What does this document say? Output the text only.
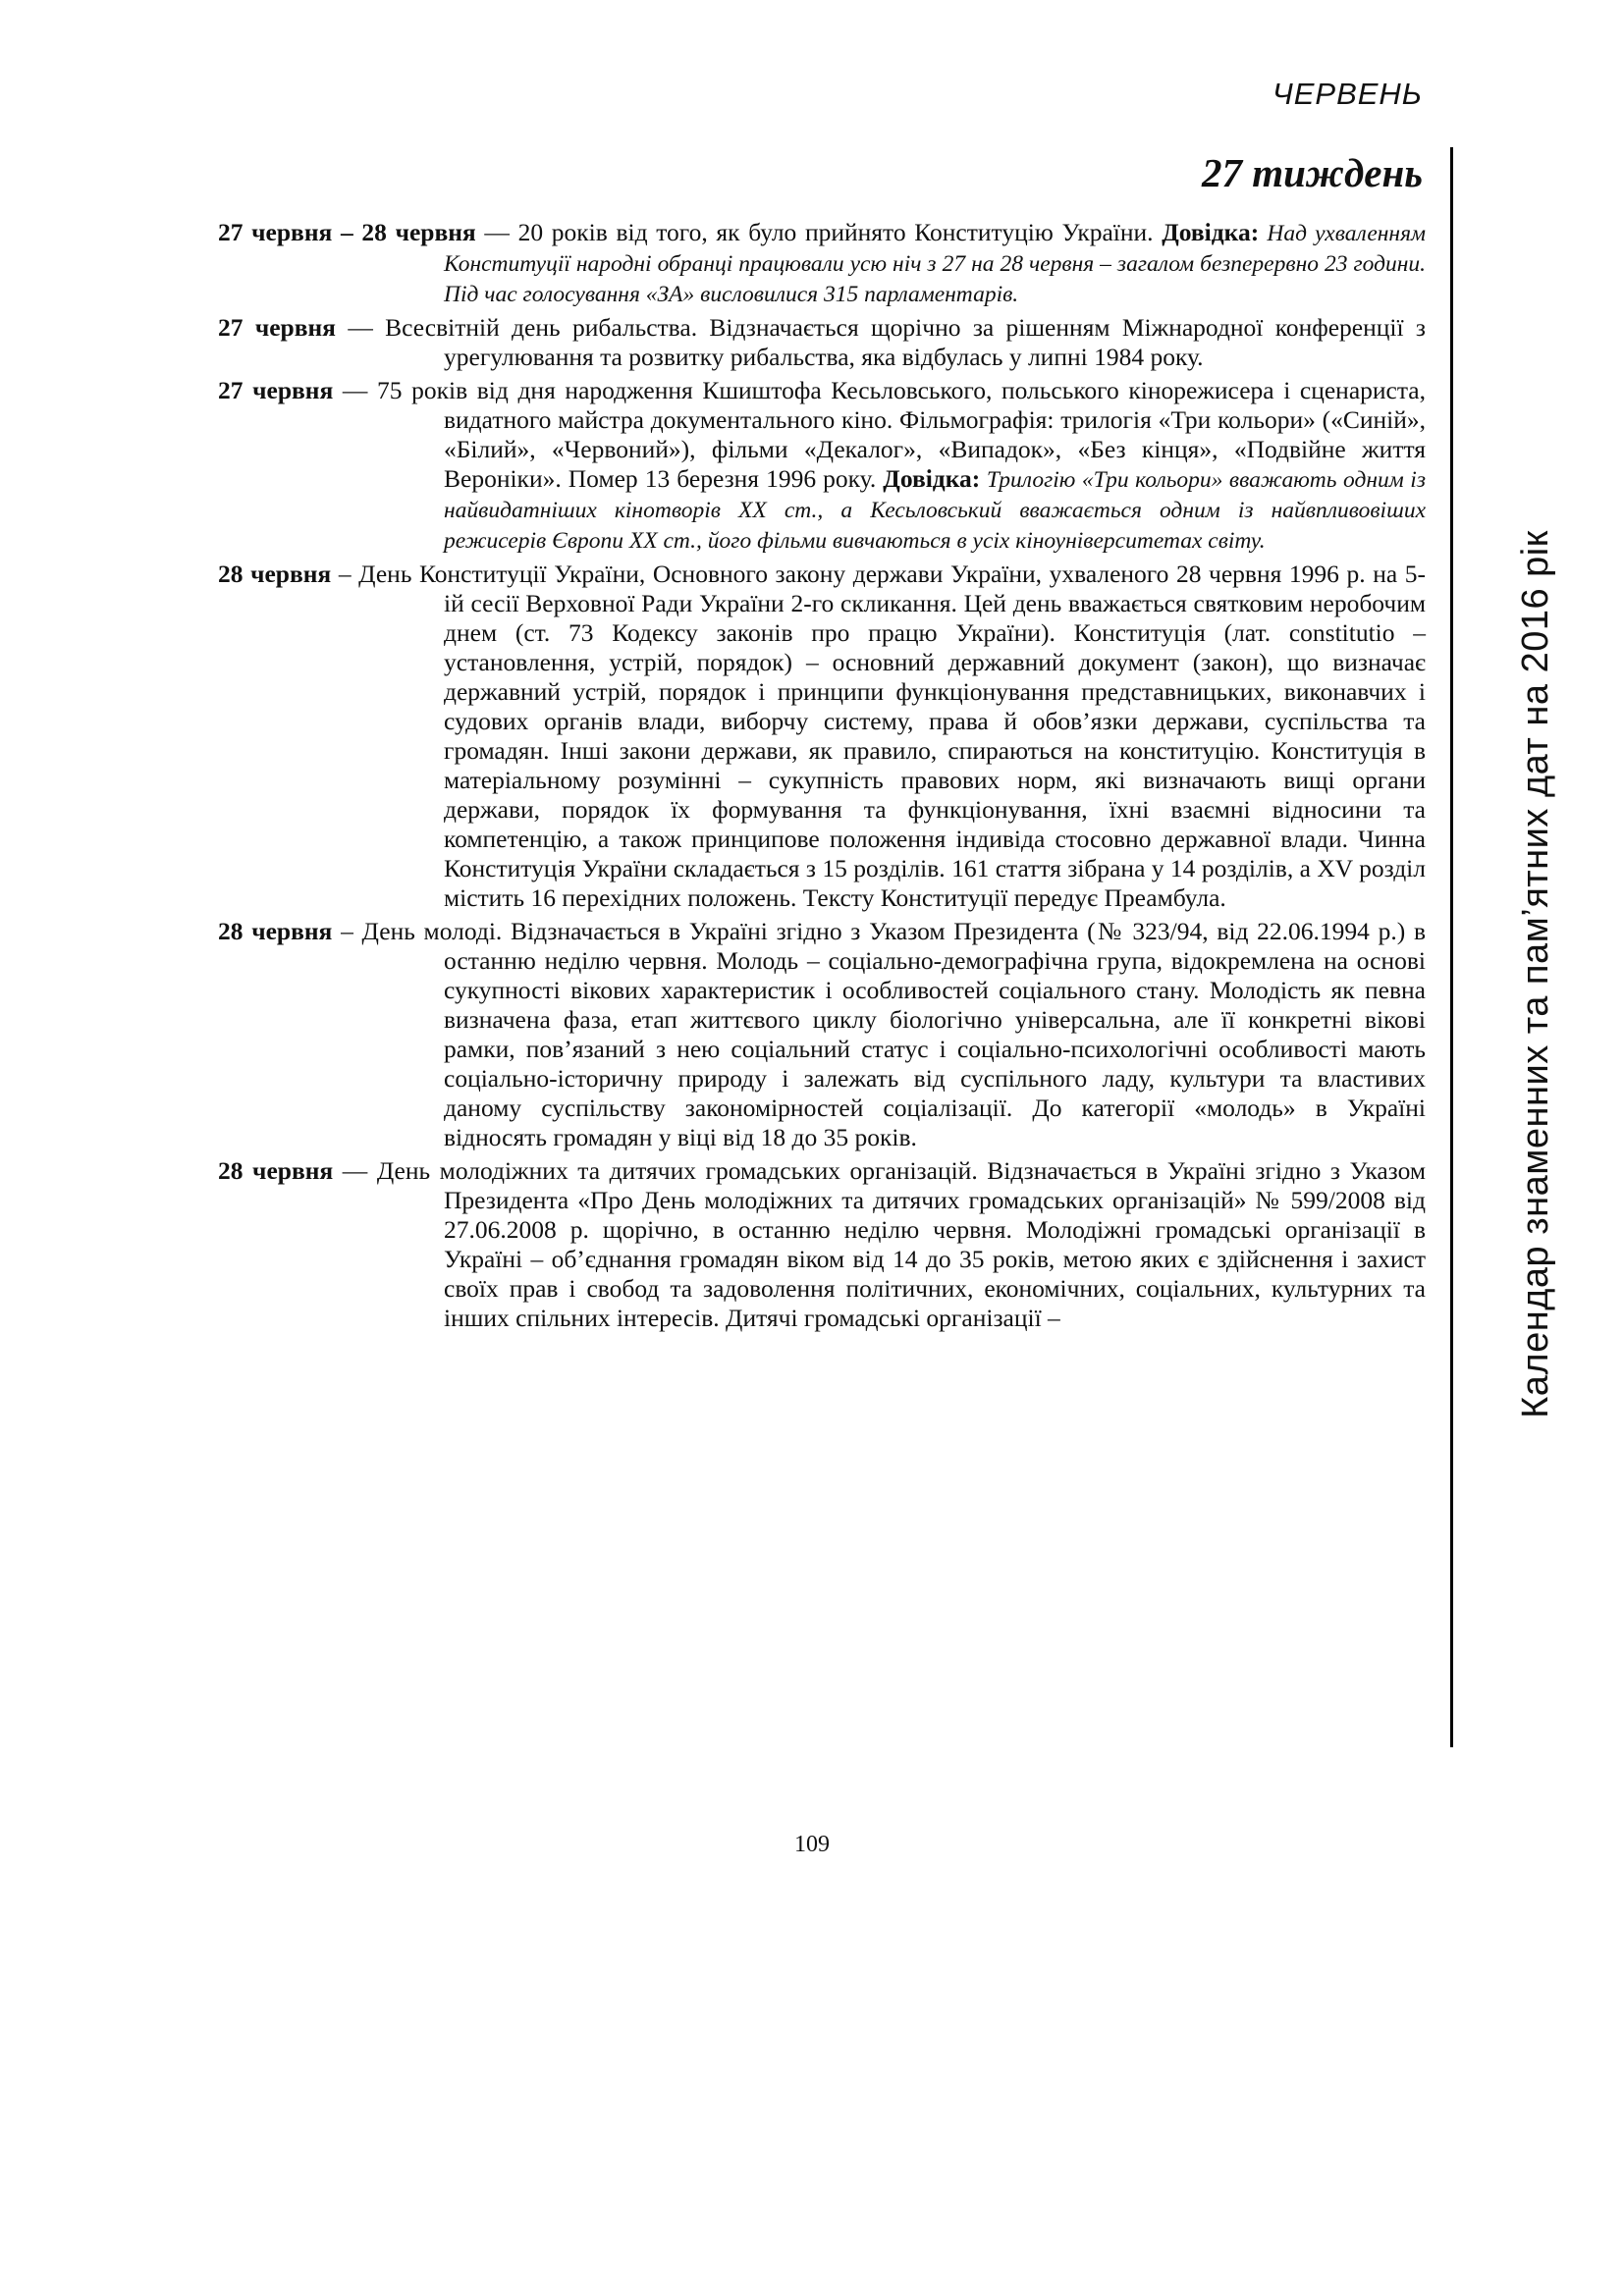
ЧЕРВЕНЬ
27 тиждень
Календар знаменних та пам’ятних дат на 2016 рік

27 червня – 28 червня — 20 років від того, як було прийнято Конституцію України. Довідка: Над ухваленням Конституції народні обранці працювали усю ніч з 27 на 28 червня – загалом безперервно 23 години. Під час голосування «ЗА» висловилися 315 парламентарів.

27 червня — Всесвітній день рибальства. Відзначається щорічно за рішенням Міжнародної конференції з урегулювання та розвитку рибальства, яка відбулась у липні 1984 року.

27 червня — 75 років від дня народження Кшиштофа Кесьловського, польського кінорежисера і сценариста, видатного майстра документального кіно. Фільмографія: трилогія «Три кольори» («Синій», «Білий», «Червоний»), фільми «Декалог», «Випадок», «Без кінця», «Подвійне життя Вероніки». Помер 13 березня 1996 року. Довідка: Трилогію «Три кольори» вважають одним із найвидатніших кінотворів XX ст., а Кесьловський вважається одним із найвпливовіших режисерів Європи XX ст., його фільми вивчаються в усіх кіноуніверситетах світу.

28 червня – День Конституції України, Основного закону держави України, ухваленого 28 червня 1996 р. на 5-ій сесії Верховної Ради України 2-го скликання. Цей день вважається святковим неробочим днем (ст. 73 Кодексу законів про працю України). Конституція (лат. constitutio – установлення, устрій, порядок) – основний державний документ (закон), що визначає державний устрій, порядок і принципи функціонування представницьких, виконавчих і судових органів влади, виборчу систему, права й обов’язки держави, суспільства та громадян. Інші закони держави, як правило, спираються на конституцію. Конституція в матеріальному розумінні – сукупність правових норм, які визначають вищі органи держави, порядок їх формування та функціонування, їхні взаємні відносини та компетенцію, а також принципове положення індивіда стосовно державної влади. Чинна Конституція України складається з 15 розділів. 161 стаття зібрана у 14 розділів, а XV розділ містить 16 перехідних положень. Тексту Конституції передує Преамбула.

28 червня – День молоді. Відзначається в Україні згідно з Указом Президента (№ 323/94, від 22.06.1994 р.) в останню неділю червня. Молодь – соціально-демографічна група, відокремлена на основі сукупності вікових характеристик і особливостей соціального стану. Молодість як певна визначена фаза, етап життєвого циклу біологічно універсальна, але її конкретні вікові рамки, пов’язаний з нею соціальний статус і соціально-психологічні особливості мають соціально-історичну природу і залежать від суспільного ладу, культури та властивих даному суспільству закономірностей соціалізації. До категорії «молодь» в Україні відносять громадян у віці від 18 до 35 років.

28 червня — День молодіжних та дитячих громадських організацій. Відзначається в Україні згідно з Указом Президента «Про День молодіжних та дитячих громадських організацій» № 599/2008 від 27.06.2008 р. щорічно, в останню неділю червня. Молодіжні громадські організації в Україні – об’єднання громадян віком від 14 до 35 років, метою яких є здійснення і захист своїх прав і свобод та задоволення політичних, економічних, соціальних, культурних та інших спільних інтересів. Дитячі громадські організації –

109
